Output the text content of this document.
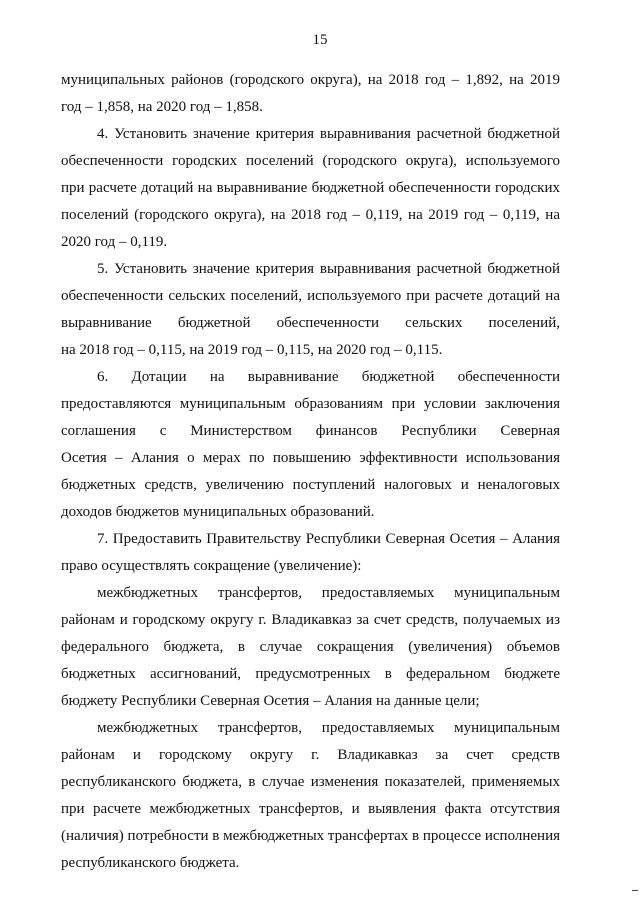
15
муниципальных районов (городского округа), на 2018 год – 1,892, на 2019
год – 1,858, на 2020 год – 1,858.
4. Установить значение критерия выравнивания расчетной бюджетной
обеспеченности городских поселений (городского округа), используемого
при расчете дотаций на выравнивание бюджетной обеспеченности городских
поселений (городского округа), на 2018 год – 0,119, на 2019 год – 0,119, на
2020 год – 0,119.
5. Установить значение критерия выравнивания расчетной бюджетной
обеспеченности сельских поселений, используемого при расчете дотаций на
выравнивание бюджетной обеспеченности сельских поселений,
на 2018 год – 0,115, на 2019 год – 0,115, на 2020 год – 0,115.
6. Дотации на выравнивание бюджетной обеспеченности
предоставляются муниципальным образованиям при условии заключения
соглашения с Министерством финансов Республики Северная
Осетия – Алания о мерах по повышению эффективности использования
бюджетных средств, увеличению поступлений налоговых и неналоговых
доходов бюджетов муниципальных образований.
7. Предоставить Правительству Республики Северная Осетия – Алания
право осуществлять сокращение (увеличение):
межбюджетных трансфертов, предоставляемых муниципальным
районам и городскому округу г. Владикавказ за счет средств, получаемых из
федерального бюджета, в случае сокращения (увеличения) объемов
бюджетных ассигнований, предусмотренных в федеральном бюджете
бюджету Республики Северная Осетия – Алания на данные цели;
межбюджетных трансфертов, предоставляемых муниципальным
районам и городскому округу г. Владикавказ за счет средств
республиканского бюджета, в случае изменения показателей, применяемых
при расчете межбюджетных трансфертов, и выявления факта отсутствия
(наличия) потребности в межбюджетных трансфертах в процессе исполнения
республиканского бюджета.
